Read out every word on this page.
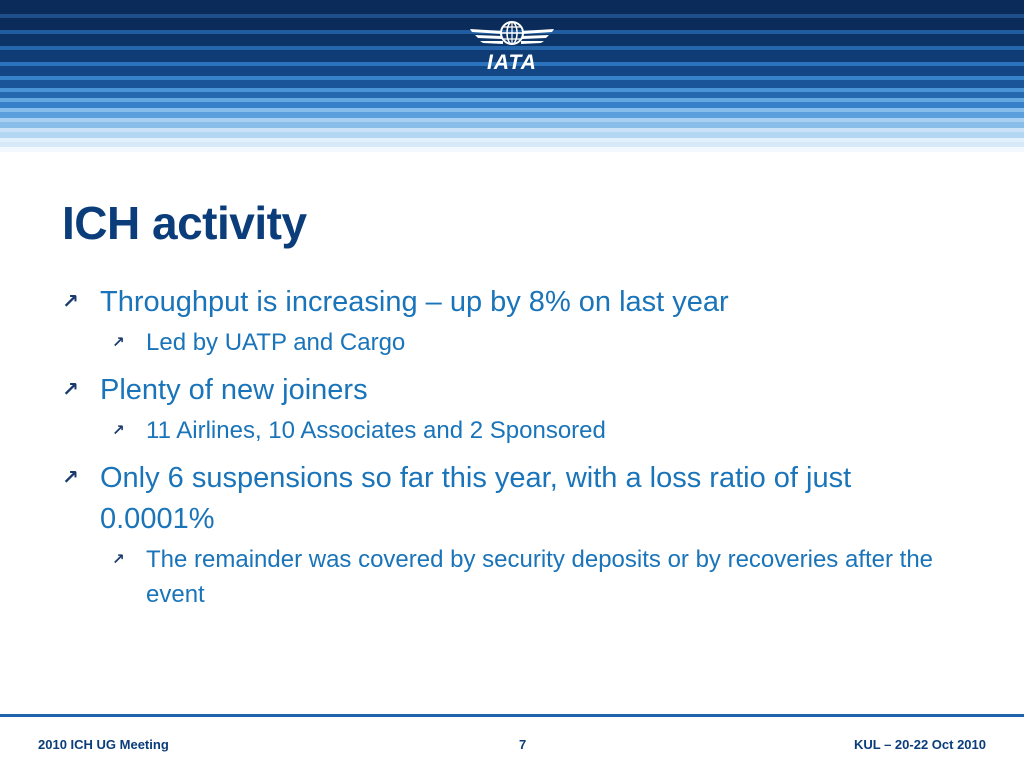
IATA
ICH activity
↗ Throughput is increasing – up by 8% on last year
↗ Led by UATP and Cargo
↗ Plenty of new joiners
↗ 11 Airlines, 10 Associates and 2 Sponsored
↗ Only 6 suspensions so far this year, with a loss ratio of just 0.0001%
↗ The remainder was covered by security deposits or by recoveries after the event
2010 ICH UG Meeting	7	KUL – 20-22 Oct 2010
